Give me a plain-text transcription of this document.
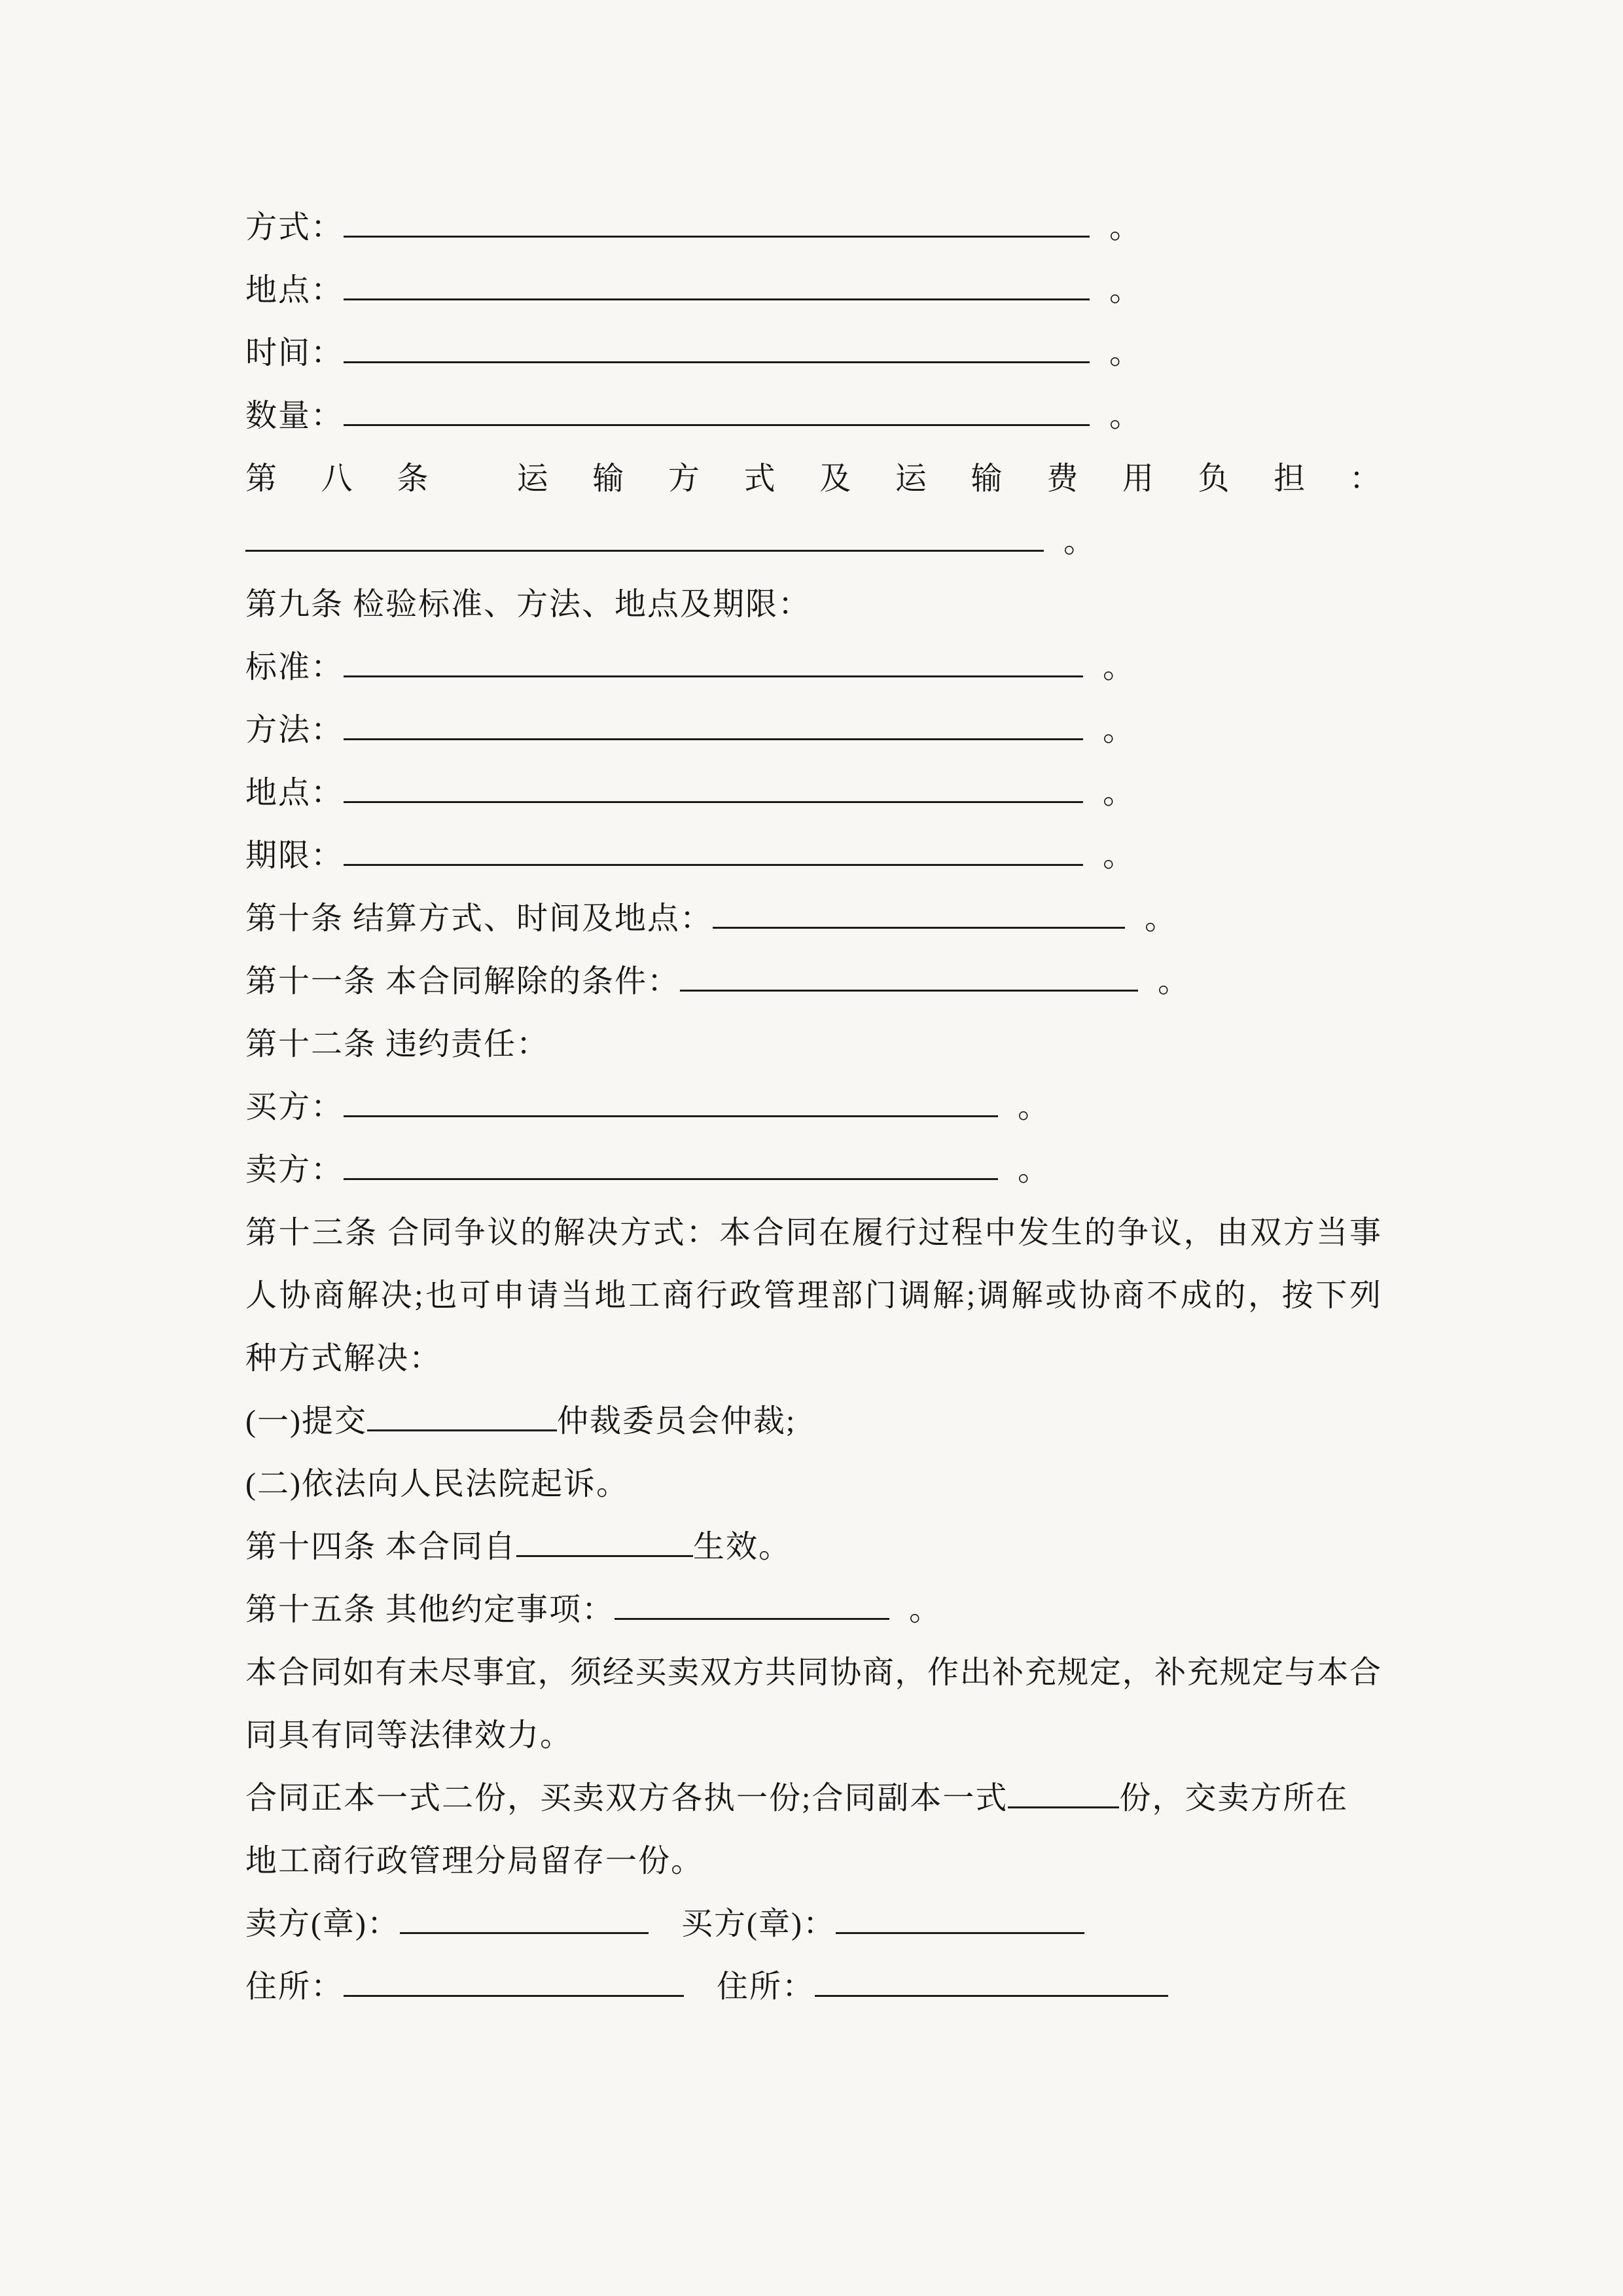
方式：	。
地点：	。
时间：	。
数量：	。
第 八 条	运 输 方 式 及 运 输 费 用 负 担 ：
。
第九条 检验标准、方法、地点及期限：
标准：	。
方法：	。
地点：	。
期限：	。
第十条 结算方式、时间及地点：	。
第十一条 本合同解除的条件：	。
第十二条 违约责任：
买方：	。
卖方：	。
第十三条 合同争议的解决方式：本合同在履行过程中发生的争议，由双方当事
人协商解决;也可申请当地工商行政管理部门调解;调解或协商不成的，按下列
种方式解决：
(一)提交	仲裁委员会仲裁;
(二)依法向人民法院起诉。
第十四条 本合同自	生效。
第十五条 其他约定事项：	。
本合同如有未尽事宜，须经买卖双方共同协商，作出补充规定，补充规定与本合
同具有同等法律效力。
合同正本一式二份，买卖双方各执一份;合同副本一式	份，交卖方所在
地工商行政管理分局留存一份。
卖方(章)：	　买方(章)：
住所：	　住所：
